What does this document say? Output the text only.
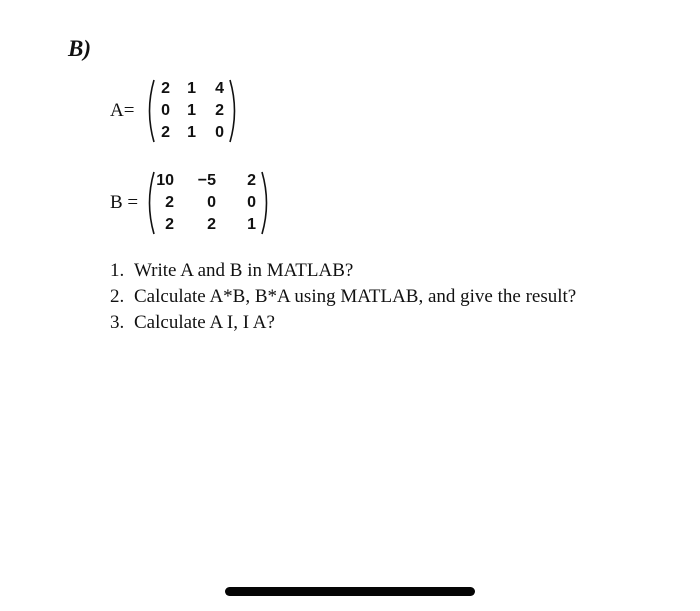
B)
A=
2	1	4
0	1	2
2	1	0
B =
10	−5	2
2	0	0
2	2	1
1. Write A and B in MATLAB?
2. Calculate A*B, B*A using MATLAB, and give the result?
3. Calculate A I, I A?
